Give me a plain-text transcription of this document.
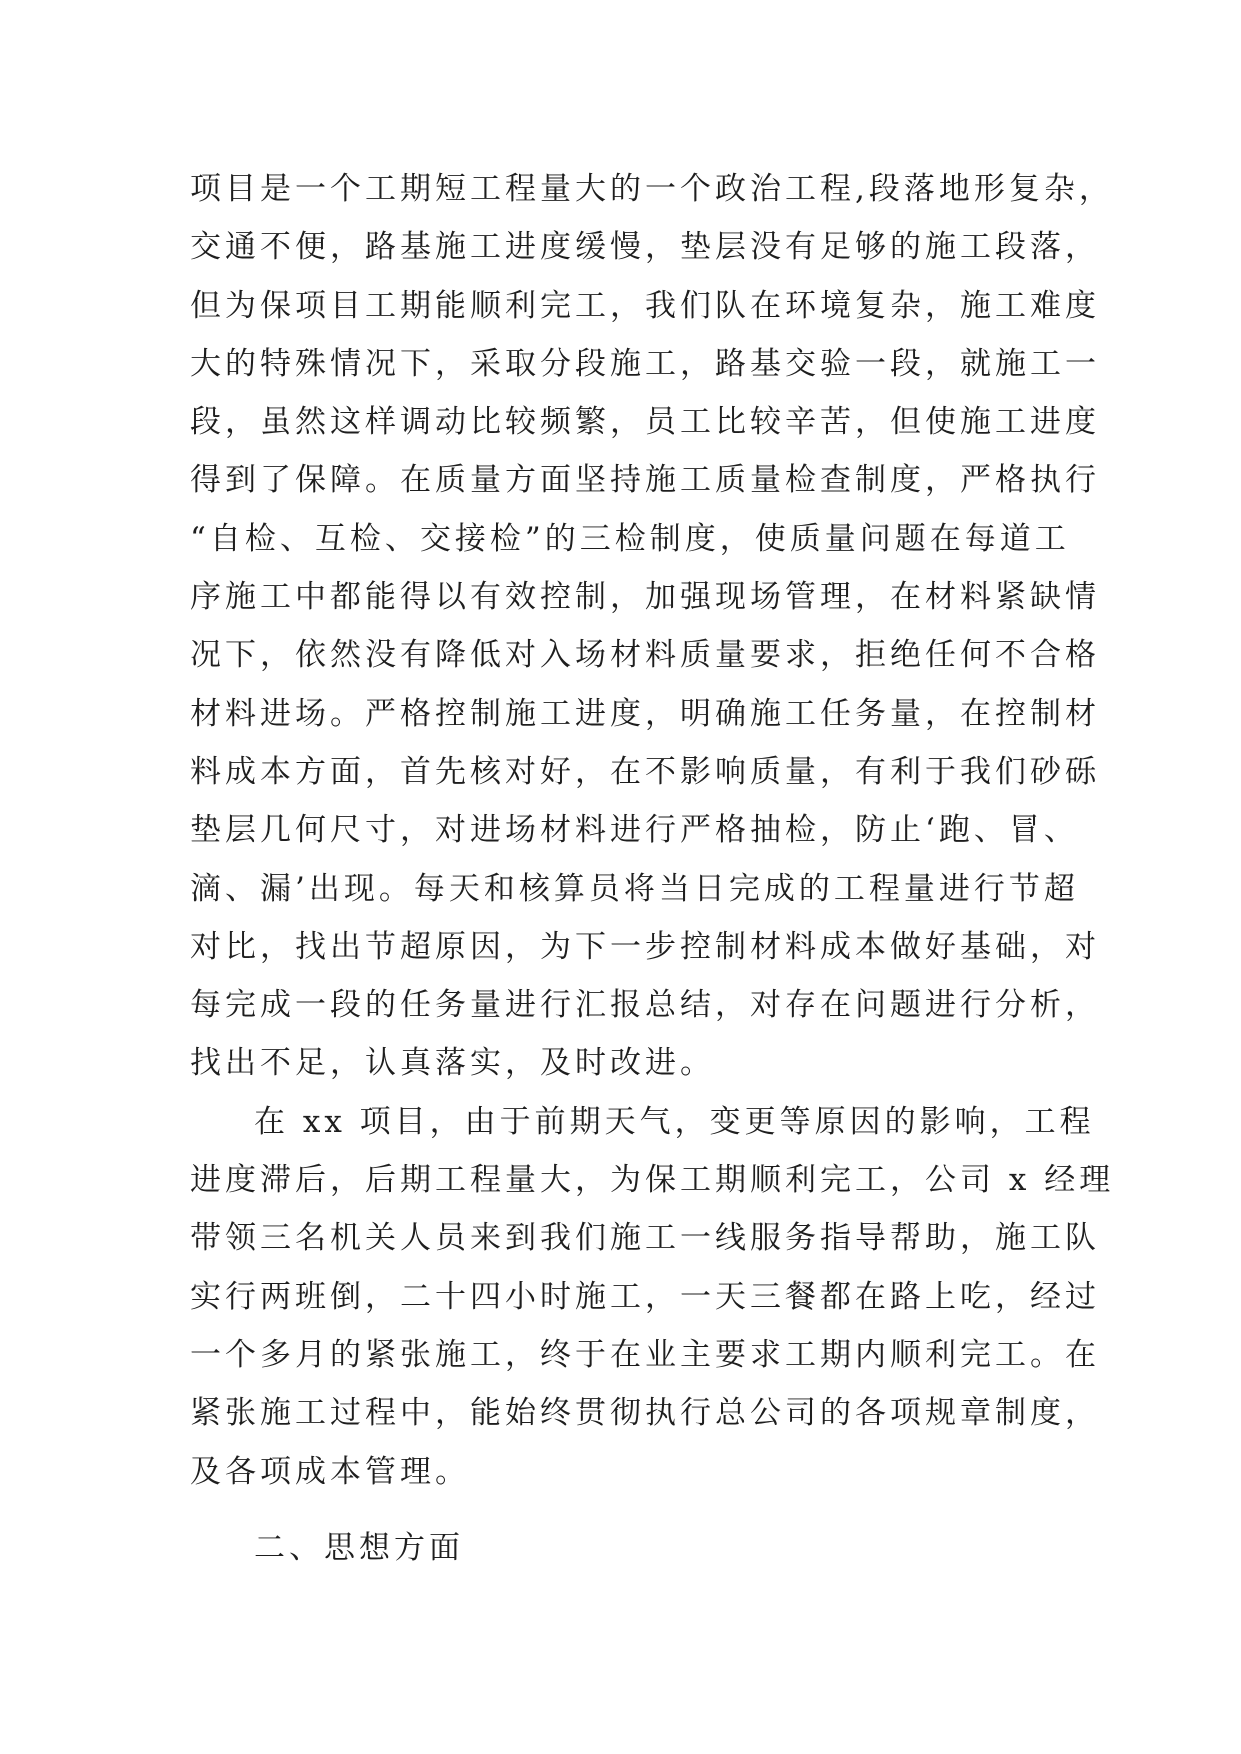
项目是一个工期短工程量大的一个政治工程,段落地形复杂，
交通不便，路基施工进度缓慢，垫层没有足够的施工段落，
但为保项目工期能顺利完工，我们队在环境复杂，施工难度
大的特殊情况下，采取分段施工，路基交验一段，就施工一
段，虽然这样调动比较频繁，员工比较辛苦，但使施工进度
得到了保障。在质量方面坚持施工质量检查制度，严格执行
“自检、互检、交接检”的三检制度，使质量问题在每道工
序施工中都能得以有效控制，加强现场管理，在材料紧缺情
况下，依然没有降低对入场材料质量要求，拒绝任何不合格
材料进场。严格控制施工进度，明确施工任务量，在控制材
料成本方面，首先核对好，在不影响质量，有利于我们砂砾
垫层几何尺寸，对进场材料进行严格抽检，防止‘跑、冒、
滴、漏’出现。每天和核算员将当日完成的工程量进行节超
对比，找出节超原因，为下一步控制材料成本做好基础，对
每完成一段的任务量进行汇报总结，对存在问题进行分析，
找出不足，认真落实，及时改进。
在 xx 项目，由于前期天气，变更等原因的影响，工程
进度滞后，后期工程量大，为保工期顺利完工，公司 x 经理
带领三名机关人员来到我们施工一线服务指导帮助，施工队
实行两班倒，二十四小时施工，一天三餐都在路上吃，经过
一个多月的紧张施工，终于在业主要求工期内顺利完工。在
紧张施工过程中，能始终贯彻执行总公司的各项规章制度，
及各项成本管理。
二、思想方面
